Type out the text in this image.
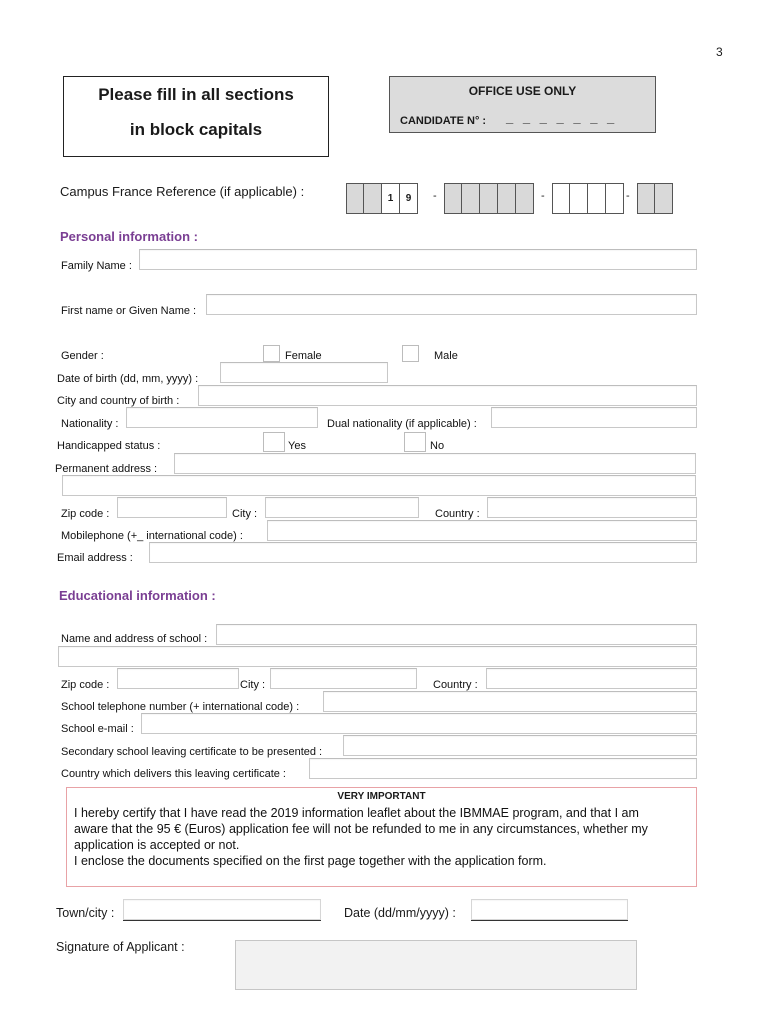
3
Please fill in all sections
in block capitals
OFFICE USE ONLY
CANDIDATE N° : _ _ _ _ _ _ _
Campus France Reference (if applicable) :	1	9	-	-	-
Personal information :
Family Name :
First name or Given Name :
Gender :	Female	Male
Date of birth (dd, mm, yyyy) :
City and country of birth :
Nationality :	Dual nationality (if applicable) :
Handicapped status :	Yes	No
Permanent address :
Zip code :	City :	Country :
Mobilephone (+_ international code) :
Email address :
Educational information :
Name and address of school :
Zip code :	City :	Country :
School telephone number (+ international code) :
School e-mail :
Secondary school leaving certificate to be presented :
Country which delivers this leaving certificate :
VERY IMPORTANT
I hereby certify that I have read the 2019 information leaflet about the IBMMAE program, and that I am
aware that the 95 € (Euros) application fee will not be refunded to me in any circumstances, whether my
application is accepted or not.
I enclose the documents specified on the first page together with the application form.
Town/city :	Date (dd/mm/yyyy) :
Signature of Applicant :
